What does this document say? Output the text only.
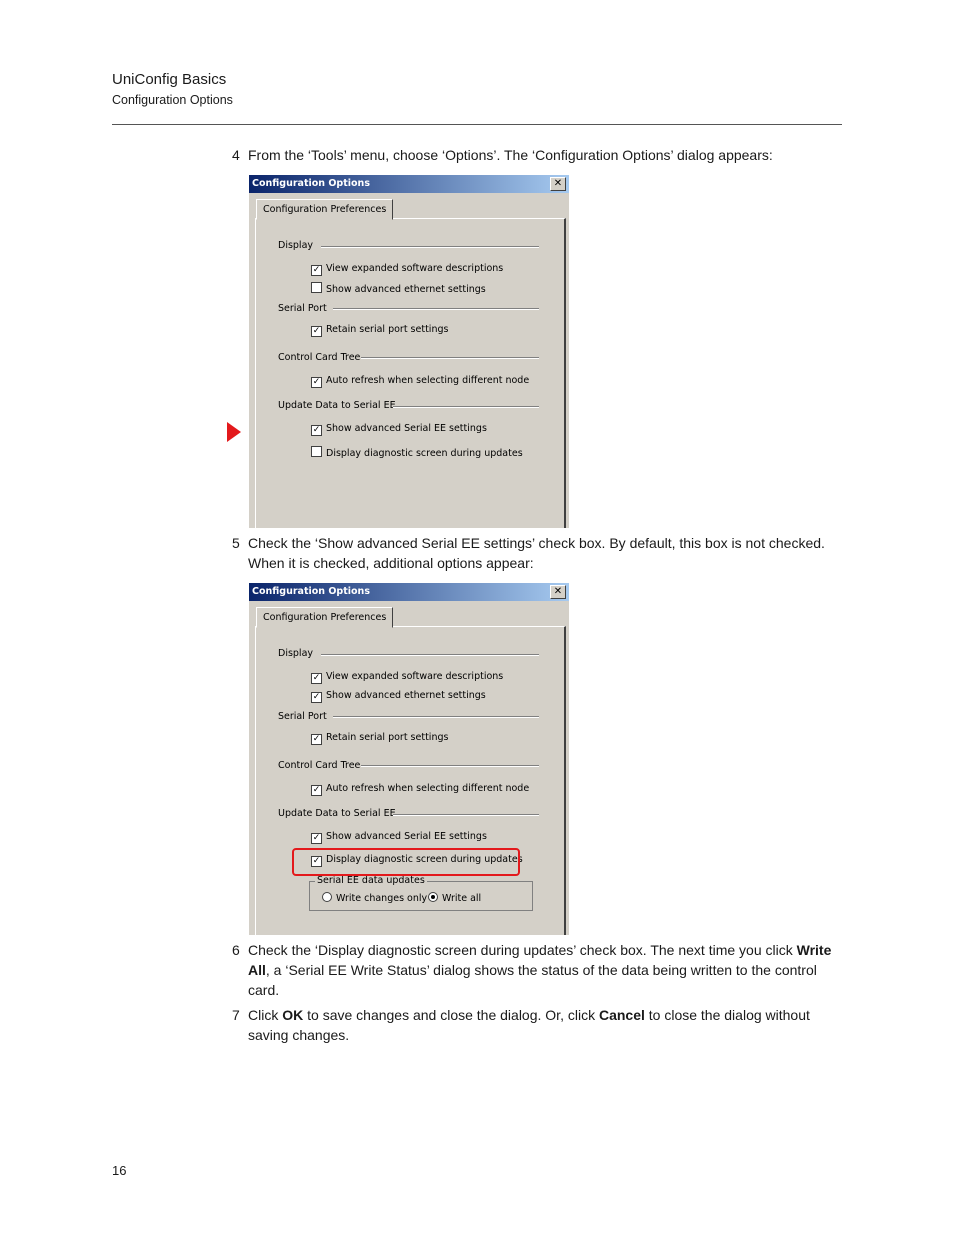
UniConfig Basics
Configuration Options
4 From the ‘Tools’ menu, choose ‘Options’. The ‘Configuration Options’ dialog appears:
Configuration Options	✕
Configuration Preferences
Display
✓ View expanded software descriptions
Show advanced ethernet settings
Serial Port
✓ Retain serial port settings
Control Card Tree
✓ Auto refresh when selecting different node
Update Data to Serial EE
✓ Show advanced Serial EE settings
Display diagnostic screen during updates
5 Check the ‘Show advanced Serial EE settings’ check box. By default, this box is not checked. When it is checked, additional options appear:
Configuration Options	✕
Configuration Preferences
Display
✓ View expanded software descriptions
✓ Show advanced ethernet settings
Serial Port
✓ Retain serial port settings
Control Card Tree
✓ Auto refresh when selecting different node
Update Data to Serial EE
✓ Show advanced Serial EE settings
✓ Display diagnostic screen during updates
Serial EE data updates
Write changes only	Write all
6 Check the ‘Display diagnostic screen during updates’ check box. The next time you click Write All, a ‘Serial EE Write Status’ dialog shows the status of the data being written to the control card.
7 Click OK to save changes and close the dialog. Or, click Cancel to close the dialog without saving changes.
16
